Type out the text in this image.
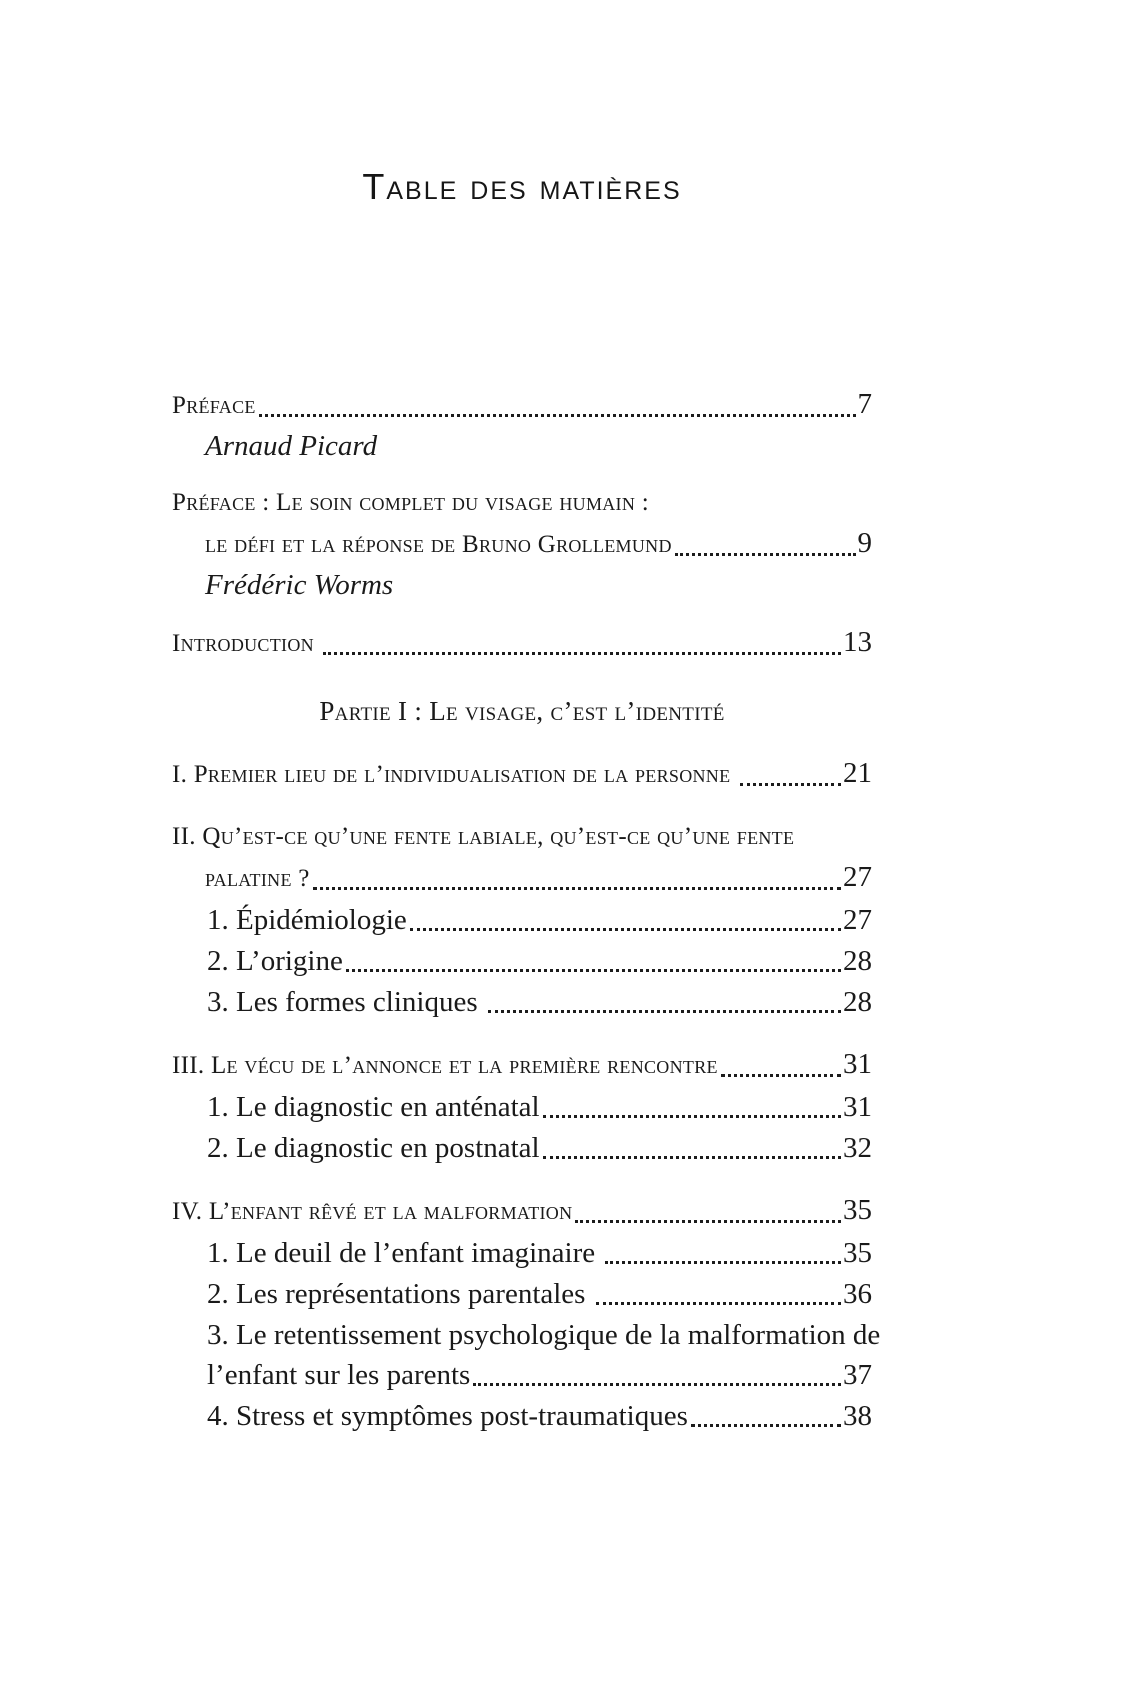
Table des matières
Préface	7
Arnaud Picard
Préface : Le soin complet du visage humain :
le défi et la réponse de Bruno Grollemund	9
Frédéric Worms
Introduction	13
Partie I : Le visage, c’est l’identité
I. Premier lieu de l’individualisation de la personne	21
II. Qu’est-ce qu’une fente labiale, qu’est-ce qu’une fente
palatine ?	27
1. Épidémiologie	27
2. L’origine	28
3. Les formes cliniques	28
III. Le vécu de l’annonce et la première rencontre	31
1. Le diagnostic en anténatal	31
2. Le diagnostic en postnatal	32
IV. L’enfant rêvé et la malformation	35
1. Le deuil de l’enfant imaginaire	35
2. Les représentations parentales	36
3. Le retentissement psychologique de la malformation de
l’enfant sur les parents	37
4. Stress et symptômes post-traumatiques	38
